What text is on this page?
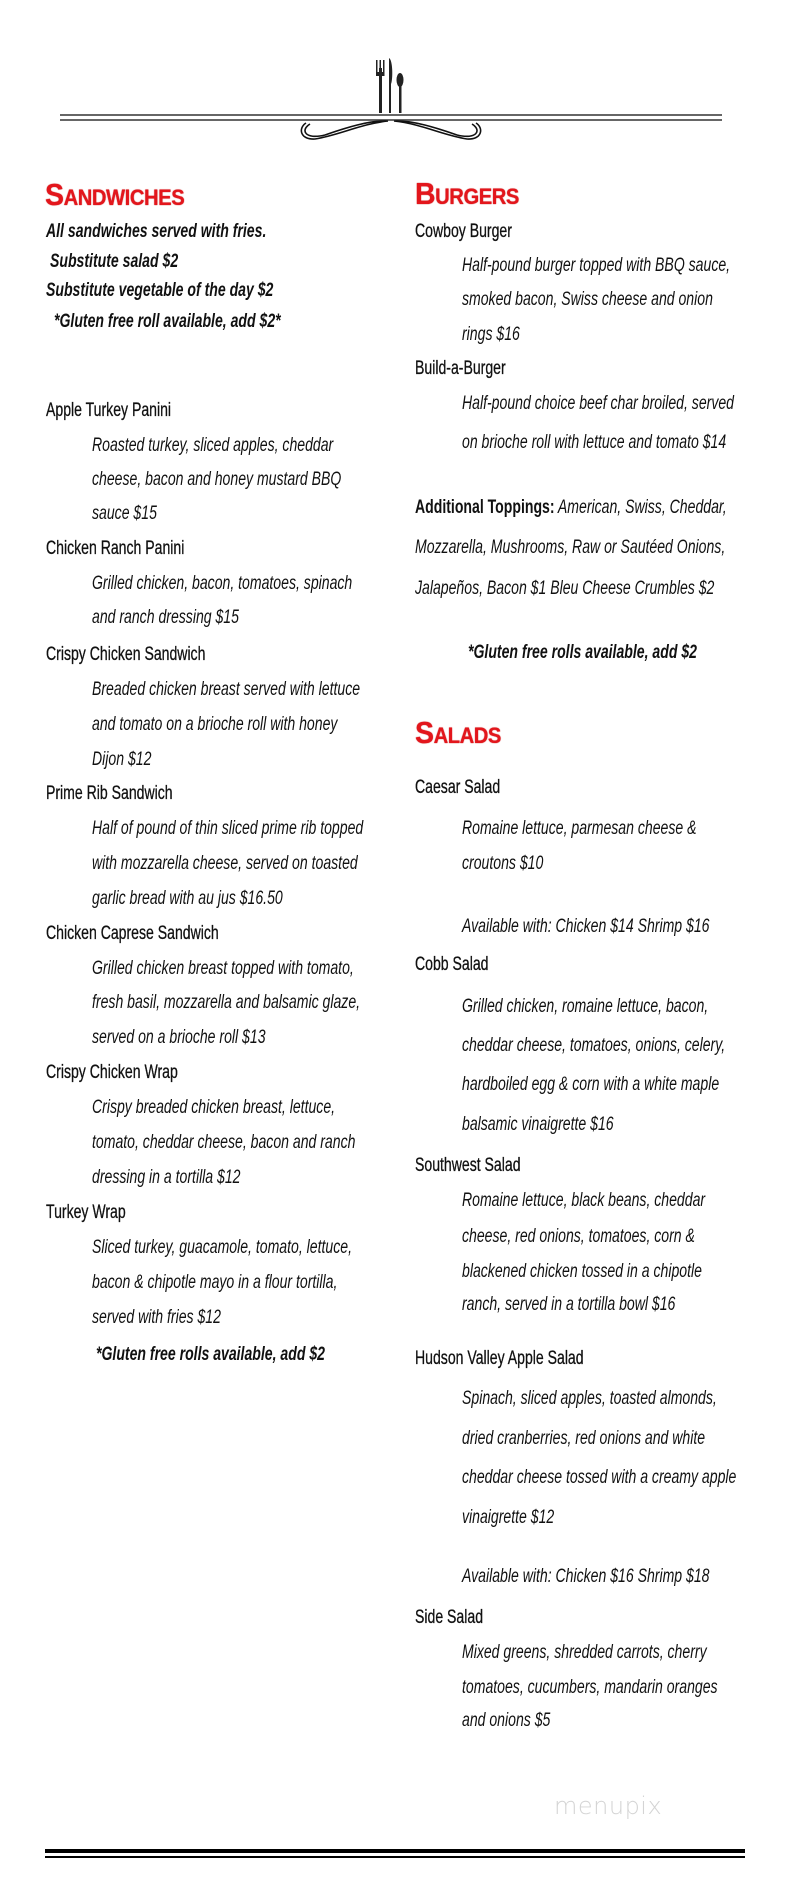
menupix
Sandwiches
All sandwiches served with fries.
Substitute salad $2
Substitute vegetable of the day $2
*Gluten free roll available, add $2*
Apple Turkey Panini
Roasted turkey, sliced apples, cheddar
cheese, bacon and honey mustard BBQ
sauce $15
Chicken Ranch Panini
Grilled chicken, bacon, tomatoes, spinach
and ranch dressing $15
Crispy Chicken Sandwich
Breaded chicken breast served with lettuce
and tomato on a brioche roll with honey
Dijon $12
Prime Rib Sandwich
Half of pound of thin sliced prime rib topped
with mozzarella cheese, served on toasted
garlic bread with au jus $16.50
Chicken Caprese Sandwich
Grilled chicken breast topped with tomato,
fresh basil, mozzarella and balsamic glaze,
served on a brioche roll $13
Crispy Chicken Wrap
Crispy breaded chicken breast, lettuce,
tomato, cheddar cheese, bacon and ranch
dressing in a tortilla $12
Turkey Wrap
Sliced turkey, guacamole, tomato, lettuce,
bacon & chipotle mayo in a flour tortilla,
served with fries $12
*Gluten free rolls available, add $2
Burgers
Cowboy Burger
Half-pound burger topped with BBQ sauce,
smoked bacon, Swiss cheese and onion
rings $16
Build-a-Burger
Half-pound choice beef char broiled, served
on brioche roll with lettuce and tomato $14
Additional Toppings: American, Swiss, Cheddar,
Mozzarella, Mushrooms, Raw or Sautéed Onions,
Jalapeños, Bacon $1 Bleu Cheese Crumbles $2
*Gluten free rolls available, add $2
Salads
Caesar Salad
Romaine lettuce, parmesan cheese &
croutons $10
Available with: Chicken $14 Shrimp $16
Cobb Salad
Grilled chicken, romaine lettuce, bacon,
cheddar cheese, tomatoes, onions, celery,
hardboiled egg & corn with a white maple
balsamic vinaigrette $16
Southwest Salad
Romaine lettuce, black beans, cheddar
cheese, red onions, tomatoes, corn &
blackened chicken tossed in a chipotle
ranch, served in a tortilla bowl $16
Hudson Valley Apple Salad
Spinach, sliced apples, toasted almonds,
dried cranberries, red onions and white
cheddar cheese tossed with a creamy apple
vinaigrette $12
Available with: Chicken $16 Shrimp $18
Side Salad
Mixed greens, shredded carrots, cherry
tomatoes, cucumbers, mandarin oranges
and onions $5
